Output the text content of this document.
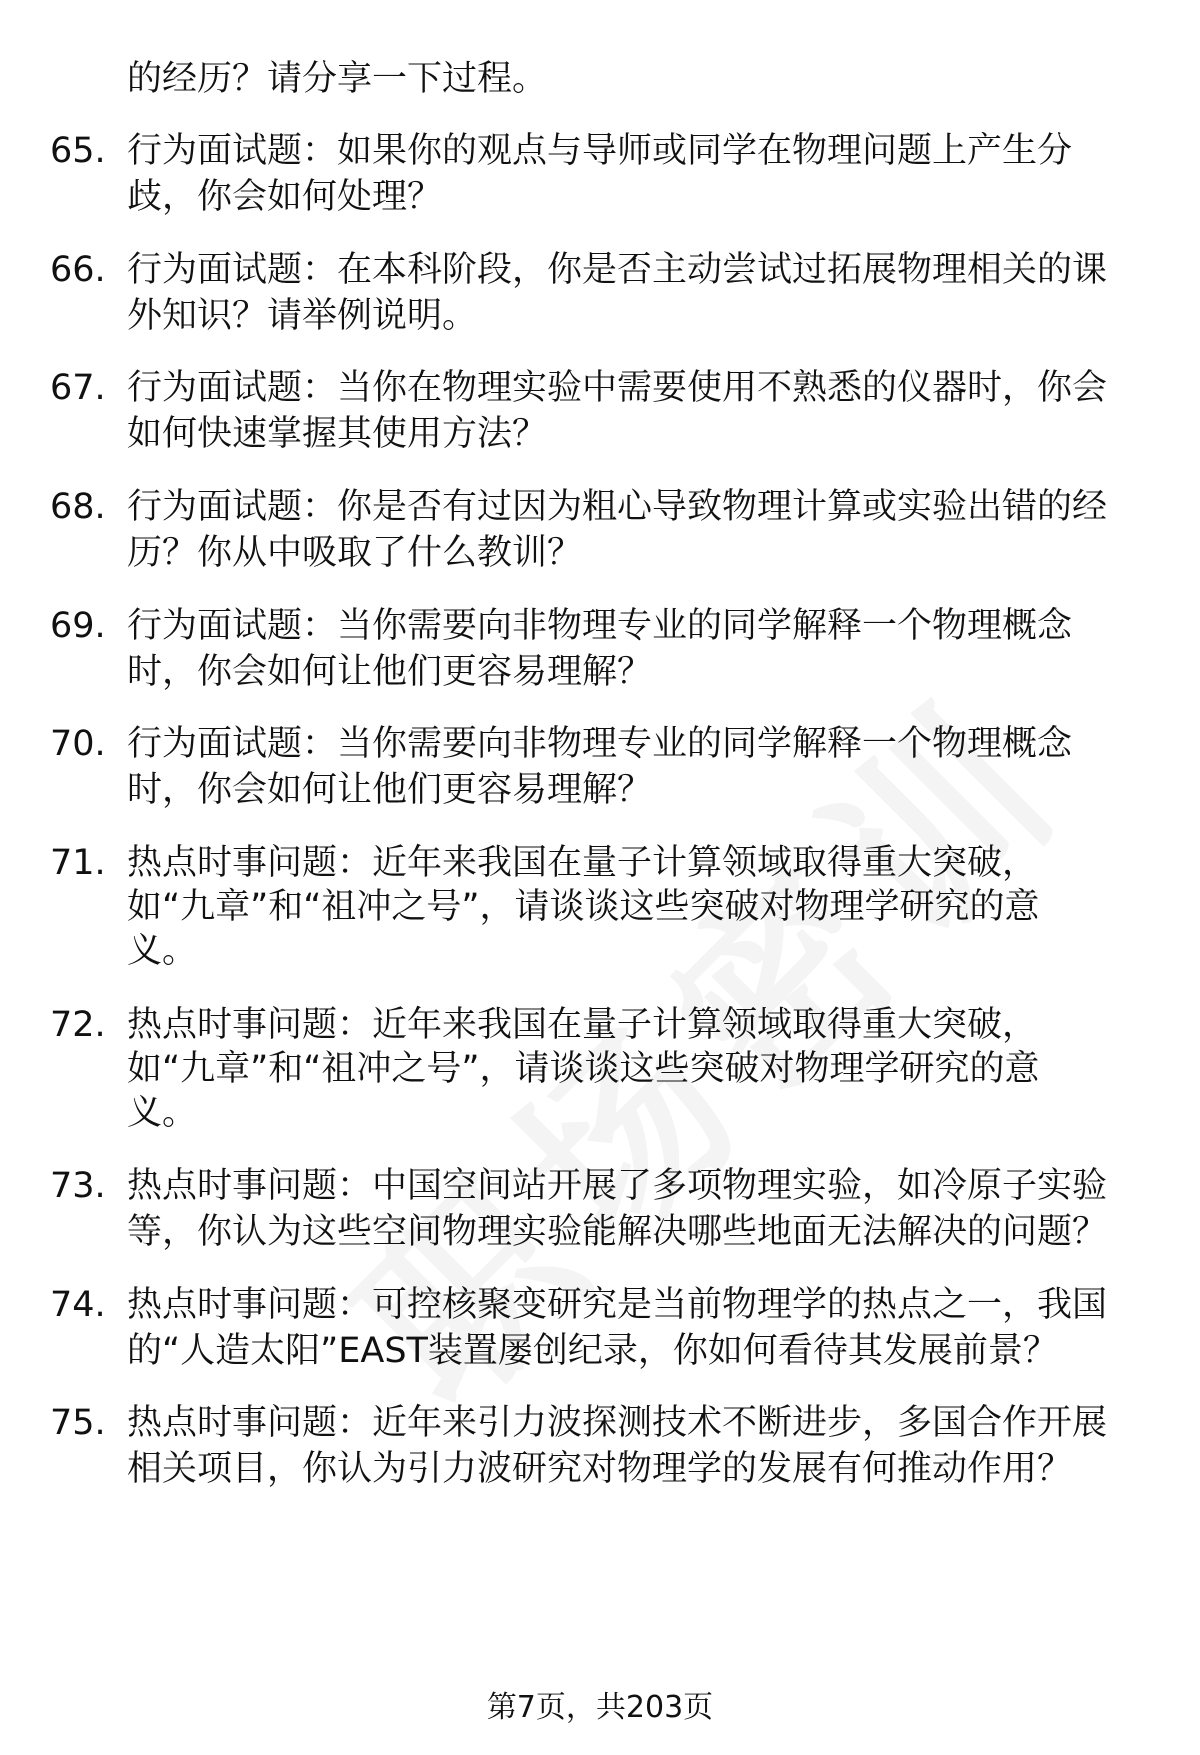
的经历？请分享一下过程。
65. 行为面试题：如果你的观点与导师或同学在物理问题上产生分
歧，你会如何处理？
66. 行为面试题：在本科阶段，你是否主动尝试过拓展物理相关的课
外知识？请举例说明。
67. 行为面试题：当你在物理实验中需要使用不熟悉的仪器时，你会
如何快速掌握其使用方法？
68. 行为面试题：你是否有过因为粗心导致物理计算或实验出错的经
历？你从中吸取了什么教训？
69. 行为面试题：当你需要向非物理专业的同学解释一个物理概念
时，你会如何让他们更容易理解？
70. 行为面试题：当你需要向非物理专业的同学解释一个物理概念
时，你会如何让他们更容易理解？
71. 热点时事问题：近年来我国在量子计算领域取得重大突破，
如“九章”和“祖冲之号”，请谈谈这些突破对物理学研究的意
义。
72. 热点时事问题：近年来我国在量子计算领域取得重大突破，
如“九章”和“祖冲之号”，请谈谈这些突破对物理学研究的意
义。
73. 热点时事问题：中国空间站开展了多项物理实验，如冷原子实验
等，你认为这些空间物理实验能解决哪些地面无法解决的问题？
74. 热点时事问题：可控核聚变研究是当前物理学的热点之一，我国
的“人造太阳”EAST装置屡创纪录，你如何看待其发展前景？
75. 热点时事问题：近年来引力波探测技术不断进步，多国合作开展
相关项目，你认为引力波研究对物理学的发展有何推动作用？
第7页，共203页
